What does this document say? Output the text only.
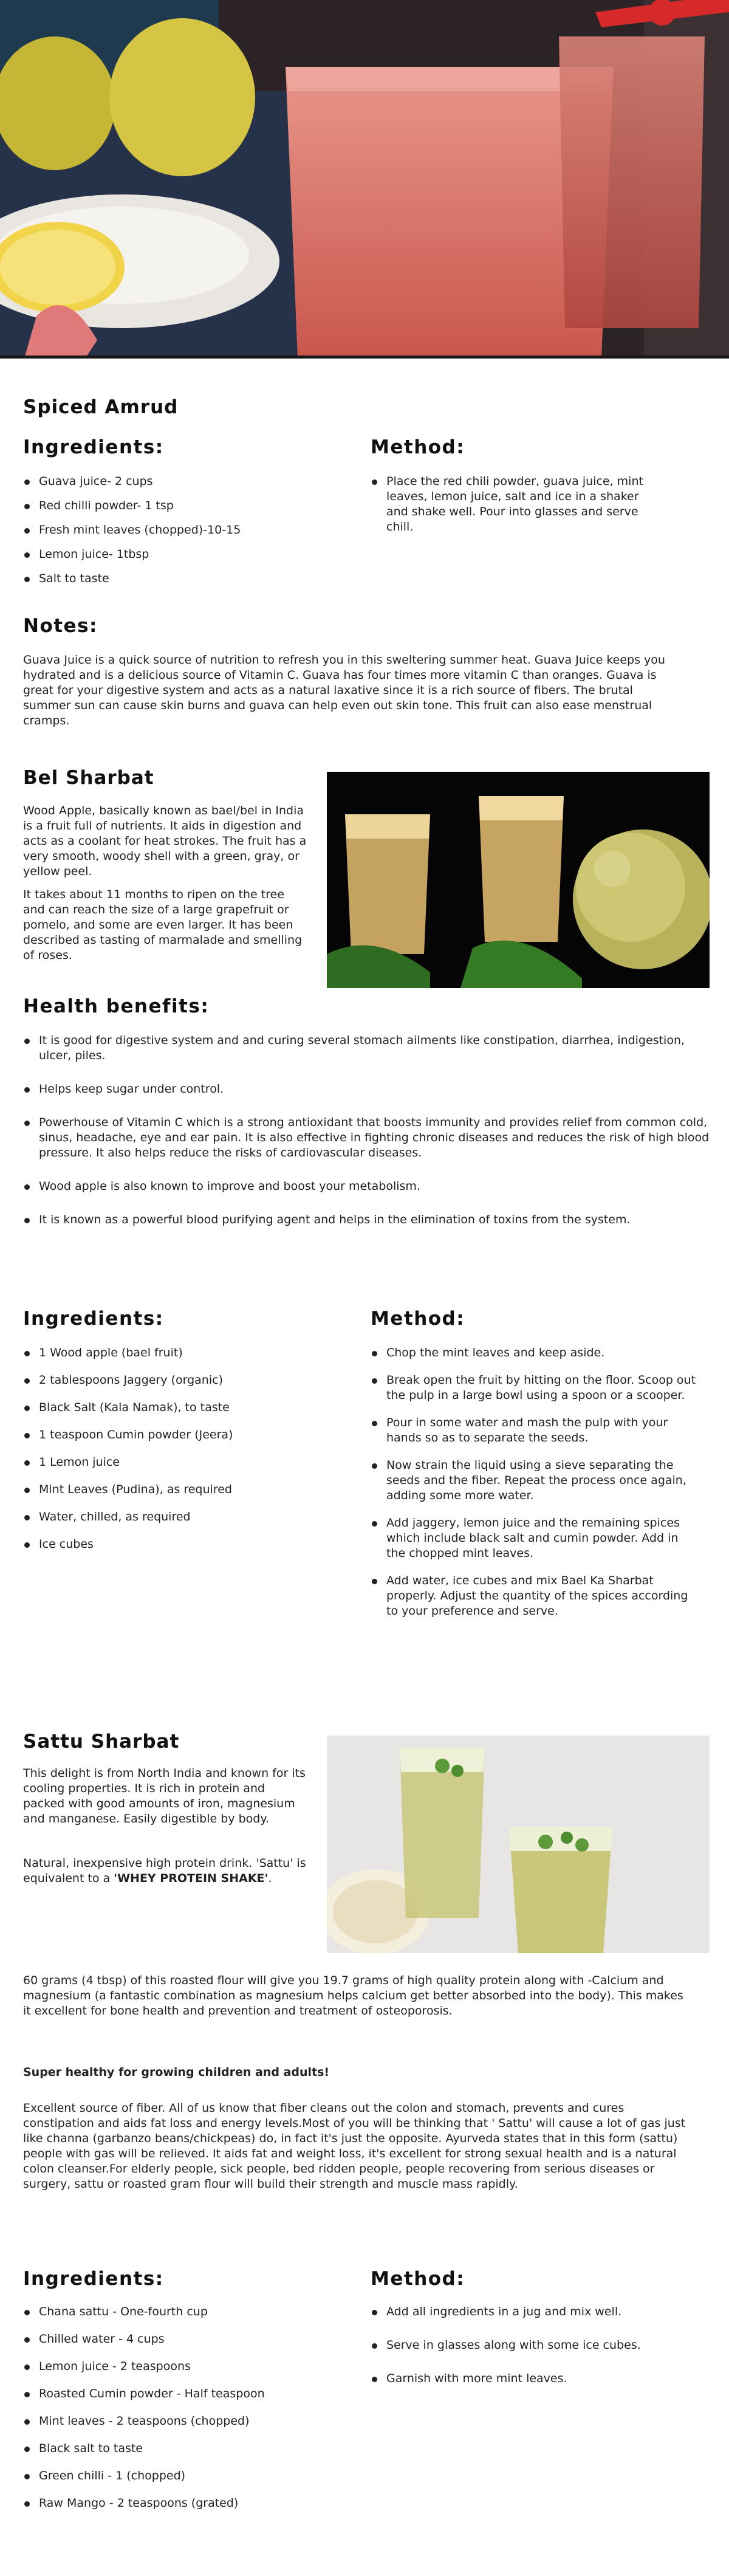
Spiced Amrud
Ingredients:
Guava juice- 2 cups
Red chilli powder- 1 tsp
Fresh mint leaves (chopped)-10-15
Lemon juice- 1tbsp
Salt to taste
Method:
Place the red chili powder, guava juice, mint leaves, lemon juice, salt and ice in a shaker and shake well. Pour into glasses and serve chill.
Notes:

Guava Juice is a quick source of nutrition to refresh you in this sweltering summer heat. Guava Juice keeps you hydrated and is a delicious source of Vitamin C. Guava has four times more vitamin C than oranges. Guava is great for your digestive system and acts as a natural laxative since it is a rich source of fibers. The brutal summer sun can cause skin burns and guava can help even out skin tone. This fruit can also ease menstrual cramps.

Bel Sharbat

Wood Apple, basically known as bael/bel in India is a fruit full of nutrients. It aids in digestion and acts as a coolant for heat strokes. The fruit has a very smooth, woody shell with a green, gray, or yellow peel.

It takes about 11 months to ripen on the tree and can reach the size of a large grapefruit or pomelo, and some are even larger. It has been described as tasting of marmalade and smelling of roses.

Health benefits:
It is good for digestive system and and curing several stomach ailments like constipation, diarrhea, indigestion, ulcer, piles.
Helps keep sugar under control.
Powerhouse of Vitamin C which is a strong antioxidant that boosts immunity and provides relief from common cold, sinus, headache, eye and ear pain. It is also effective in fighting chronic diseases and reduces the risk of high blood pressure. It also helps reduce the risks of cardiovascular diseases.
Wood apple is also known to improve and boost your metabolism.
It is known as a powerful blood purifying agent and helps in the elimination of toxins from the system.
Ingredients:
1 Wood apple (bael fruit)
2 tablespoons Jaggery (organic)
Black Salt (Kala Namak), to taste
1 teaspoon Cumin powder (Jeera)
1 Lemon juice
Mint Leaves (Pudina), as required
Water, chilled, as required
Ice cubes
Method:
Chop the mint leaves and keep aside.
Break open the fruit by hitting on the floor. Scoop out the pulp in a large bowl using a spoon or a scooper.
Pour in some water and mash the pulp with your hands so as to separate the seeds.
Now strain the liquid using a sieve separating the seeds and the fiber. Repeat the process once again, adding some more water.
Add jaggery, lemon juice and the remaining spices which include black salt and cumin powder. Add in the chopped mint leaves.
Add water, ice cubes and mix Bael Ka Sharbat properly. Adjust the quantity of the spices according to your preference and serve.
Sattu Sharbat

This delight is from North India and known for its cooling properties. It is rich in protein and packed with good amounts of iron, magnesium and manganese. Easily digestible by body.

Natural, inexpensive high protein drink. 'Sattu' is equivalent to a 'WHEY PROTEIN SHAKE'.

60 grams (4 tbsp) of this roasted flour will give you 19.7 grams of high quality protein along with -Calcium and magnesium (a fantastic combination as magnesium helps calcium get better absorbed into the body). This makes it excellent for bone health and prevention and treatment of osteoporosis.

Super healthy for growing children and adults!

Excellent source of fiber. All of us know that fiber cleans out the colon and stomach, prevents and cures constipation and aids fat loss and energy levels.Most of you will be thinking that ' Sattu' will cause a lot of gas just like channa (garbanzo beans/chickpeas) do, in fact it's just the opposite. Ayurveda states that in this form (sattu) people with gas will be relieved. It aids fat and weight loss, it's excellent for strong sexual health and is a natural colon cleanser.For elderly people, sick people, bed ridden people, people recovering from serious diseases or surgery, sattu or roasted gram flour will build their strength and muscle mass rapidly.

Ingredients:
Chana sattu - One-fourth cup
Chilled water - 4 cups
Lemon juice - 2 teaspoons
Roasted Cumin powder - Half teaspoon
Mint leaves - 2 teaspoons (chopped)
Black salt to taste
Green chilli - 1 (chopped)
Raw Mango - 2 teaspoons (grated)
Method:
Add all ingredients in a jug and mix well.
Serve in glasses along with some ice cubes.
Garnish with more mint leaves.
